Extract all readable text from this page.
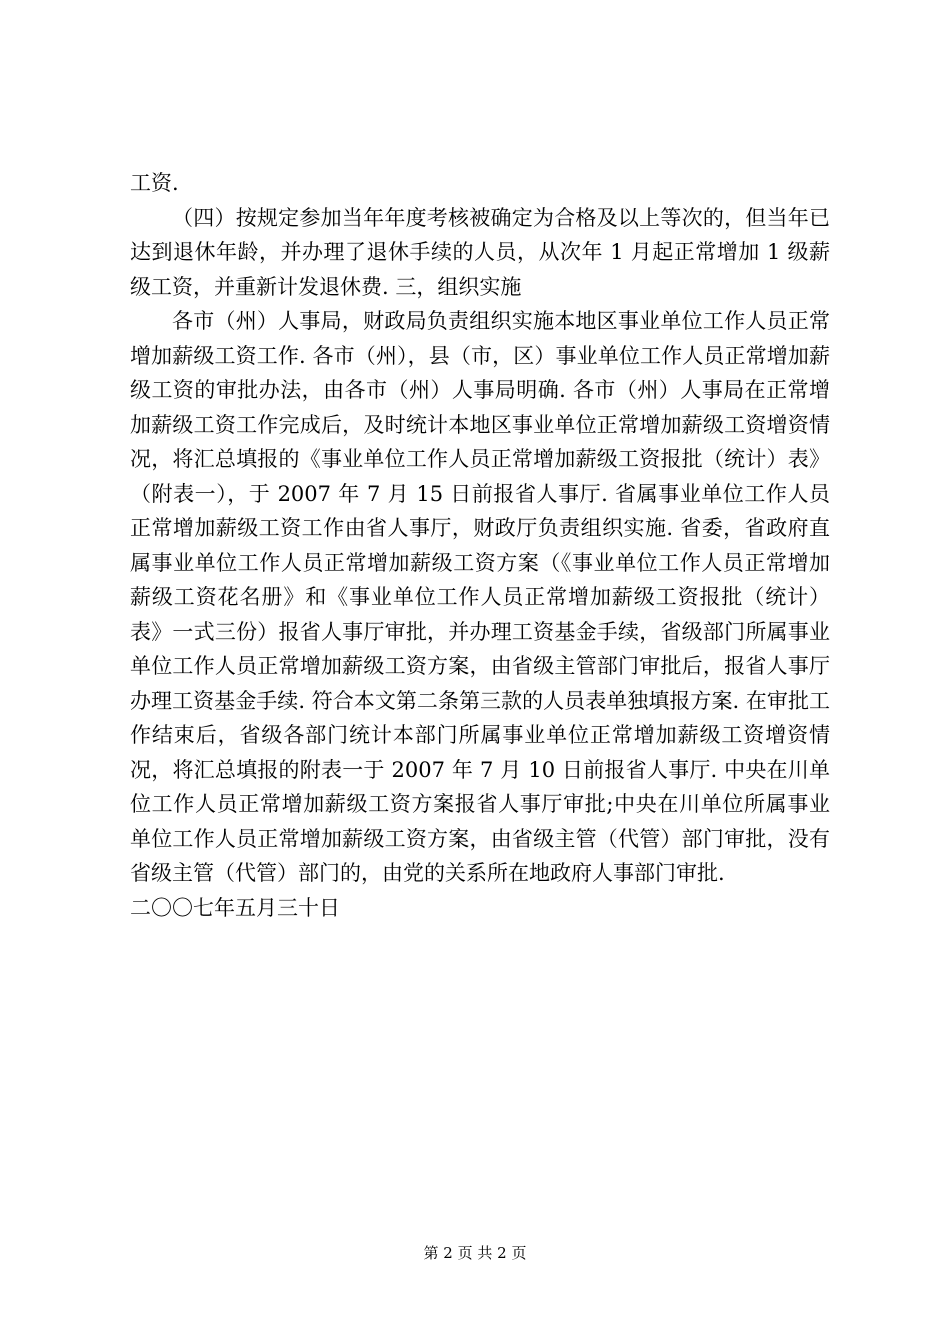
工资.

（四）按规定参加当年年度考核被确定为合格及以上等次的，但当年已达到退休年龄，并办理了退休手续的人员，从次年 1 月起正常增加 1 级薪级工资，并重新计发退休费. 三，组织实施

各市（州）人事局，财政局负责组织实施本地区事业单位工作人员正常增加薪级工资工作. 各市（州），县（市，区）事业单位工作人员正常增加薪级工资的审批办法，由各市（州）人事局明确. 各市（州）人事局在正常增加薪级工资工作完成后，及时统计本地区事业单位正常增加薪级工资增资情况，将汇总填报的《事业单位工作人员正常增加薪级工资报批（统计）表》（附表一），于 2007 年 7 月 15 日前报省人事厅. 省属事业单位工作人员正常增加薪级工资工作由省人事厅，财政厅负责组织实施. 省委，省政府直属事业单位工作人员正常增加薪级工资方案（《事业单位工作人员正常增加薪级工资花名册》和《事业单位工作人员正常增加薪级工资报批（统计）表》一式三份）报省人事厅审批，并办理工资基金手续，省级部门所属事业单位工作人员正常增加薪级工资方案，由省级主管部门审批后，报省人事厅办理工资基金手续. 符合本文第二条第三款的人员表单独填报方案. 在审批工作结束后，省级各部门统计本部门所属事业单位正常增加薪级工资增资情况，将汇总填报的附表一于 2007 年 7 月 10 日前报省人事厅. 中央在川单位工作人员正常增加薪级工资方案报省人事厅审批;中央在川单位所属事业单位工作人员正常增加薪级工资方案，由省级主管（代管）部门审批，没有省级主管（代管）部门的，由党的关系所在地政府人事部门审批.

二〇〇七年五月三十日

第 2 页 共 2 页
